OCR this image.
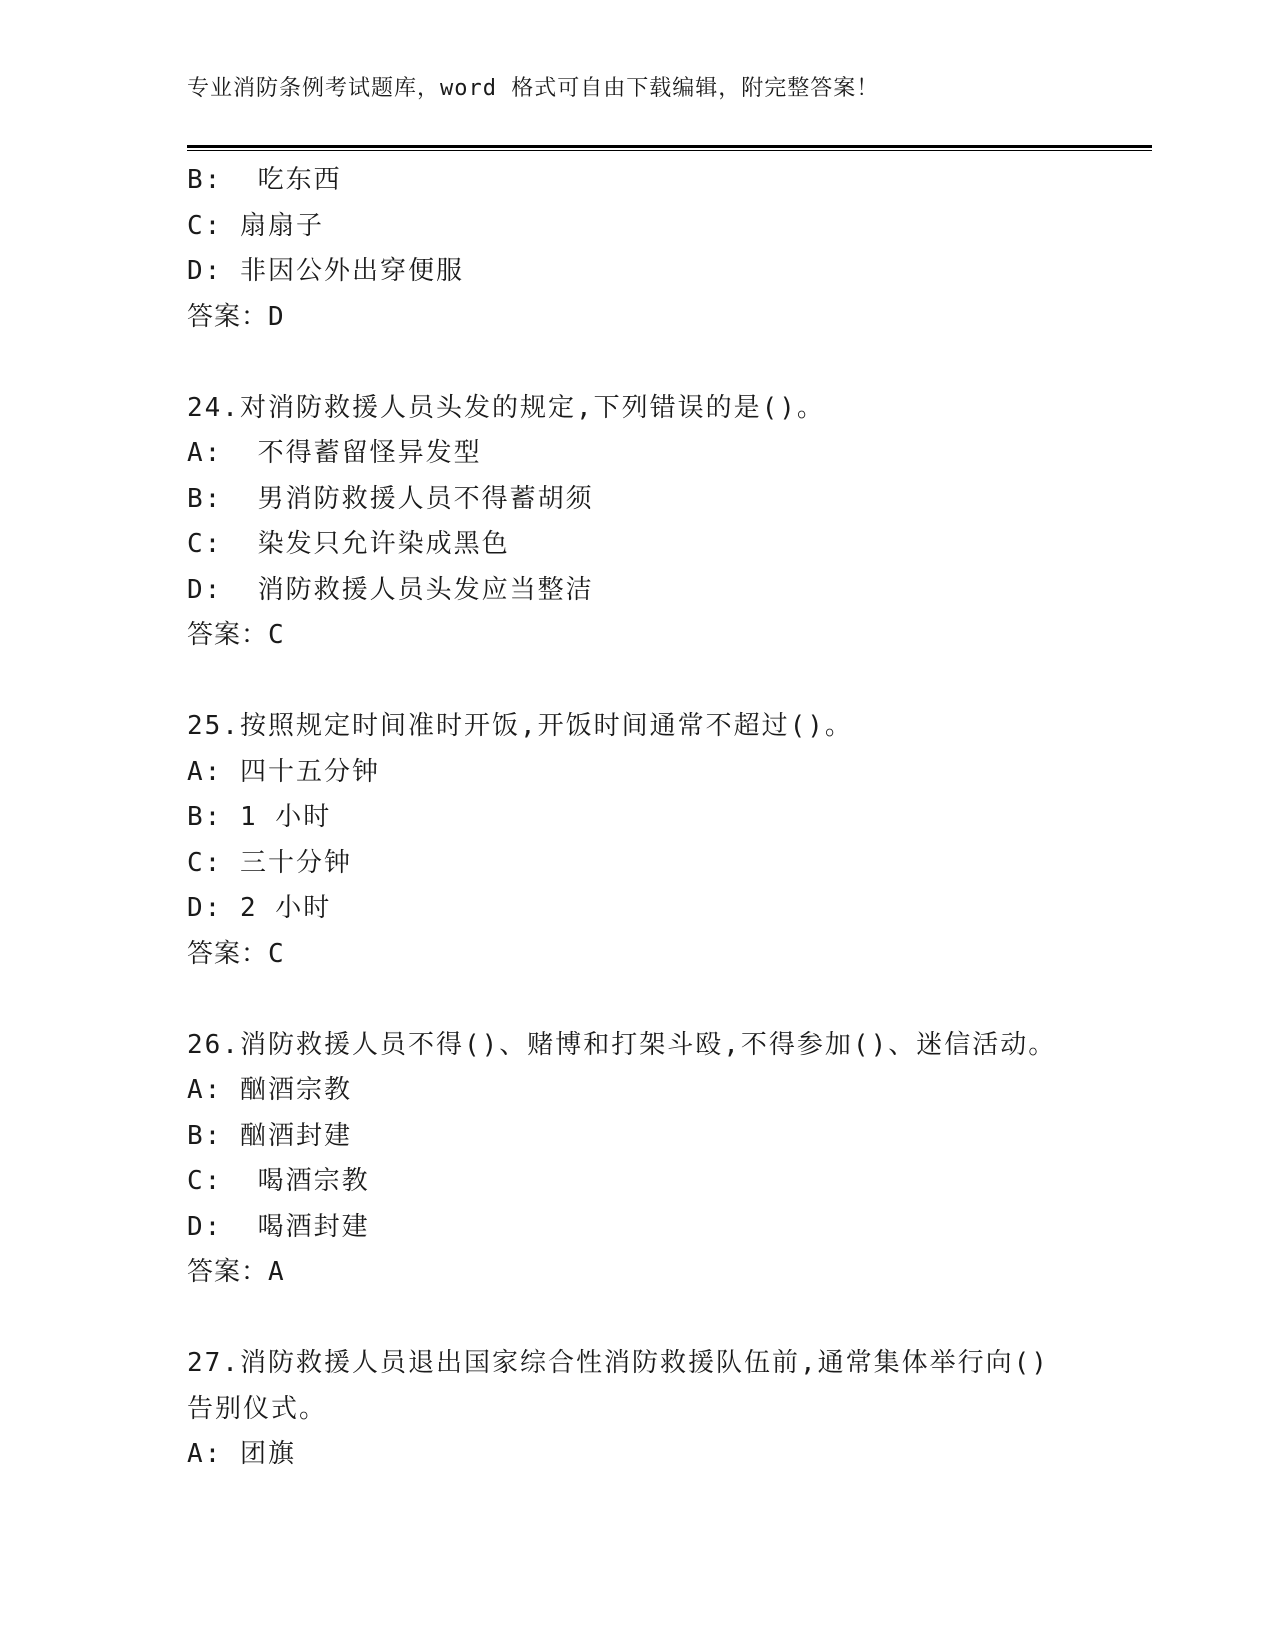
专业消防条例考试题库，word 格式可自由下载编辑，附完整答案！
B:  吃东西
C: 扇扇子
D: 非因公外出穿便服
答案：D
24.对消防救援人员头发的规定,下列错误的是()。
A:  不得蓄留怪异发型
B:  男消防救援人员不得蓄胡须
C:  染发只允许染成黑色
D:  消防救援人员头发应当整洁
答案：C
25.按照规定时间准时开饭,开饭时间通常不超过()。
A: 四十五分钟
B: 1 小时
C: 三十分钟
D: 2 小时
答案：C
26.消防救援人员不得()、赌博和打架斗殴,不得参加()、迷信活动。
A: 酗酒宗教
B: 酗酒封建
C:  喝酒宗教
D:  喝酒封建
答案：A
27.消防救援人员退出国家综合性消防救援队伍前,通常集体举行向()
告别仪式。
A: 团旗
